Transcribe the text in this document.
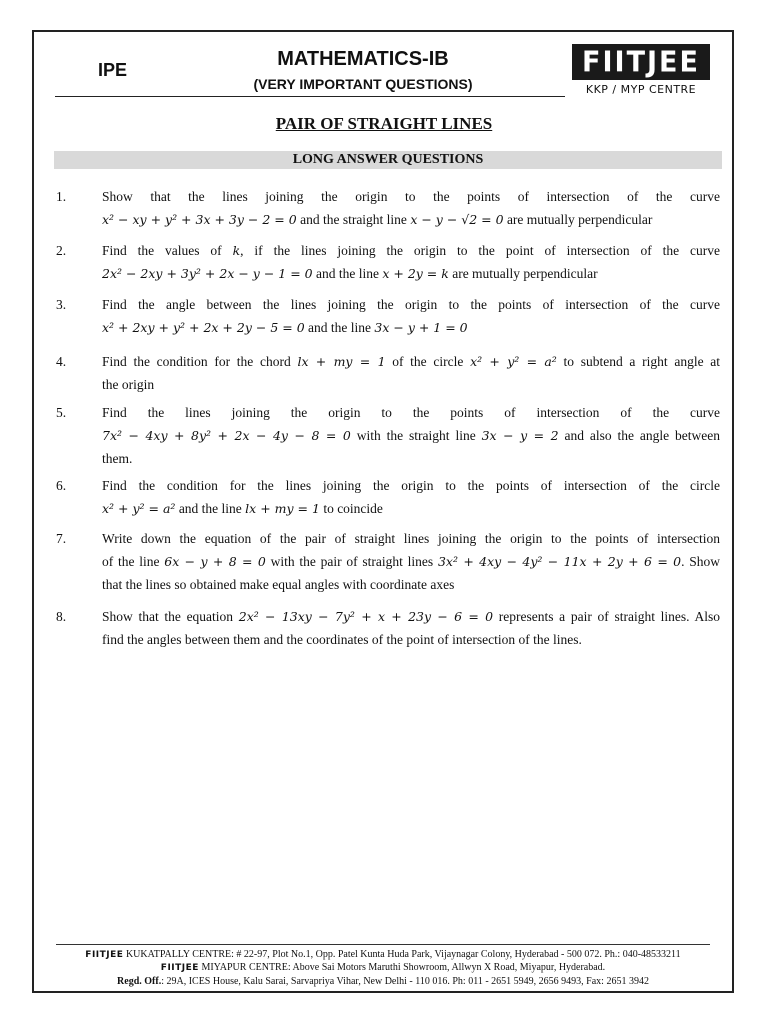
IPE	MATHEMATICS-IB
(VERY IMPORTANT QUESTIONS)
FIITJEE
KKP / MYP CENTRE
PAIR OF STRAIGHT LINES
LONG ANSWER QUESTIONS
1.	Show that the lines joining the origin to the points of intersection of the curve
x² − xy + y² + 3x + 3y − 2 = 0 and the straight line x − y − √2 = 0 are mutually perpendicular
2.	Find the values of k, if the lines joining the origin to the point of intersection of the curve
2x² − 2xy + 3y² + 2x − y − 1 = 0 and the line x + 2y = k are mutually perpendicular
3.	Find the angle between the lines joining the origin to the points of intersection of the curve
x² + 2xy + y² + 2x + 2y − 5 = 0 and the line 3x − y + 1 = 0
4.	Find the condition for the chord lx + my = 1 of the circle x² + y² = a² to subtend a right angle at
the origin
5.	Find the lines joining the origin to the points of intersection of the curve
7x² − 4xy + 8y² + 2x − 4y − 8 = 0 with the straight line 3x − y = 2 and also the angle between
them.
6.	Find the condition for the lines joining the origin to the points of intersection of the circle
x² + y² = a² and the line lx + my = 1 to coincide
7.	Write down the equation of the pair of straight lines joining the origin to the points of intersection
of the line 6x − y + 8 = 0 with the pair of straight lines 3x² + 4xy − 4y² − 11x + 2y + 6 = 0. Show
that the lines so obtained make equal angles with coordinate axes
8.	Show that the equation 2x² − 13xy − 7y² + x + 23y − 6 = 0 represents a pair of straight lines. Also
find the angles between them and the coordinates of the point of intersection of the lines.
FIITJEE KUKATPALLY CENTRE: # 22-97, Plot No.1, Opp. Patel Kunta Huda Park, Vijaynagar Colony, Hyderabad - 500 072. Ph.: 040-48533211
FIITJEE MIYAPUR CENTRE: Above Sai Motors Maruthi Showroom, Allwyn X Road, Miyapur, Hyderabad.
Regd. Off.: 29A, ICES House, Kalu Sarai, Sarvapriya Vihar, New Delhi - 110 016. Ph: 011 - 2651 5949, 2656 9493, Fax: 2651 3942
